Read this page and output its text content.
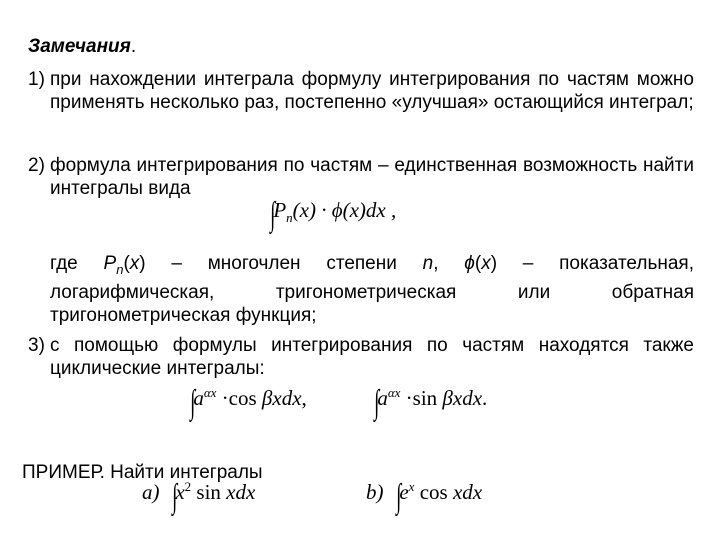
Замечания.
1) при нахождении интеграла формулу интегрирования по частям можно применять несколько раз, постепенно «улучшая» остающийся интеграл;
2) формула интегрирования по частям – единственная возможность найти интегралы вида
$\int P_n(x) \cdot \phi(x)dx$ ,
где $P_n(x)$ – многочлен степени n, ϕ(x) – показательная, логарифмическая, тригонометрическая или обратная тригонометрическая функция;
3) с помощью формулы интегрирования по частям находятся также циклические интегралы:
$\int a^{\alpha x} \cdot\cos$ βxdx, $\int a^{\alpha x} \cdot\sin$ βxdx.
ПРИМЕР. Найти интегралы
a) $\int x^2$ sin xdx	b) $\int e^x$ cos xdx
